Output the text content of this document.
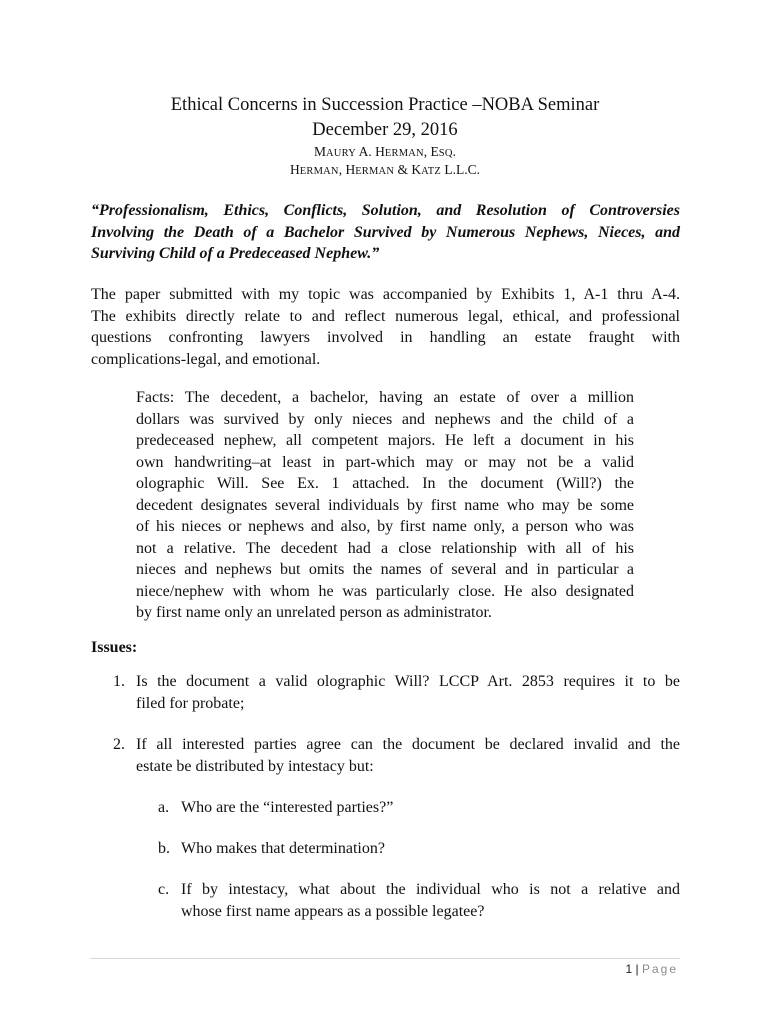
Ethical Concerns in Succession Practice –NOBA Seminar
December 29, 2016
MAURY A. HERMAN, ESQ.
HERMAN, HERMAN & KATZ L.L.C.
“Professionalism, Ethics, Conflicts, Solution, and Resolution of Controversies
Involving the Death of a Bachelor Survived by Numerous Nephews, Nieces, and
Surviving Child of a Predeceased Nephew.”
The paper submitted with my topic was accompanied by Exhibits 1, A-1 thru A-4.
The exhibits directly relate to and reflect numerous legal, ethical, and professional
questions confronting lawyers involved in handling an estate fraught with
complications-legal, and emotional.
Facts: The decedent, a bachelor, having an estate of over a million
dollars was survived by only nieces and nephews and the child of a
predeceased nephew, all competent majors. He left a document in his
own handwriting–at least in part-which may or may not be a valid
olographic Will. See Ex. 1 attached. In the document (Will?) the
decedent designates several individuals by first name who may be some
of his nieces or nephews and also, by first name only, a person who was
not a relative. The decedent had a close relationship with all of his
nieces and nephews but omits the names of several and in particular a
niece/nephew with whom he was particularly close. He also designated
by first name only an unrelated person as administrator.
Issues:
1. Is the document a valid olographic Will? LCCP Art. 2853 requires it to be
filed for probate;
2. If all interested parties agree can the document be declared invalid and the
estate be distributed by intestacy but:
a. Who are the “interested parties?”
b. Who makes that determination?
c. If by intestacy, what about the individual who is not a relative and
whose first name appears as a possible legatee?
1 | Page
